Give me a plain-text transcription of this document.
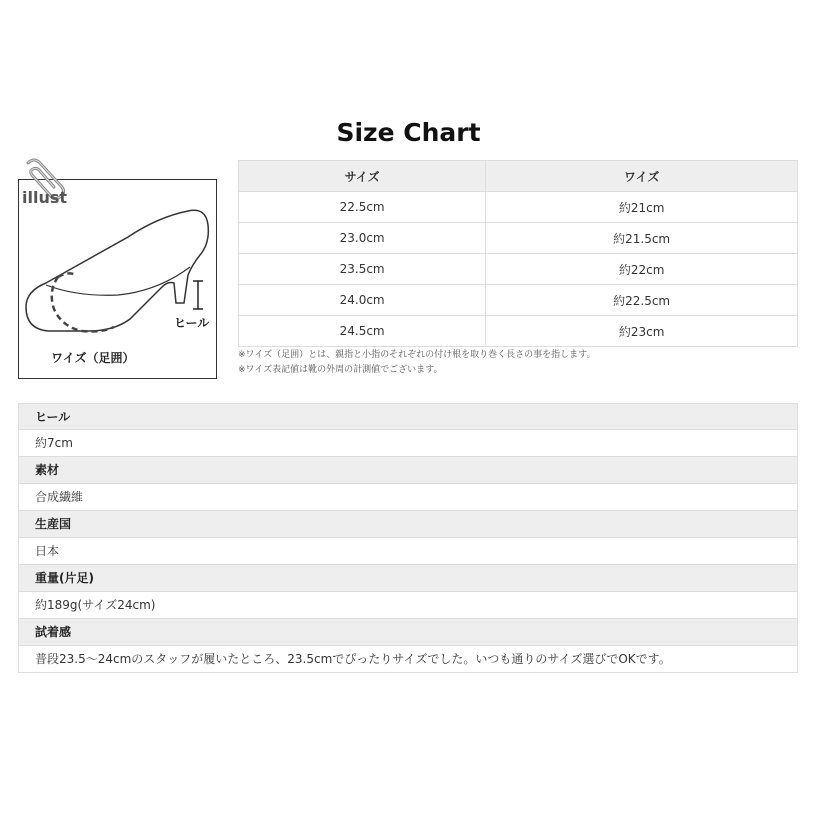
Size Chart
illust
ヒール
ワイズ（足囲）
サイズ	ワイズ
22.5cm	約21cm
23.0cm	約21.5cm
23.5cm	約22cm
24.0cm	約22.5cm
24.5cm	約23cm
※ワイズ（足囲）とは、親指と小指のそれぞれの付け根を取り巻く長さの事を指します。
※ワイズ表記値は靴の外周の計測値でございます。
ヒール
約7cm
素材
合成繊維
生産国
日本
重量(片足)
約189g(サイズ24cm)
試着感
普段23.5～24cmのスタッフが履いたところ、23.5cmでぴったりサイズでした。いつも通りのサイズ選びでOKです。
